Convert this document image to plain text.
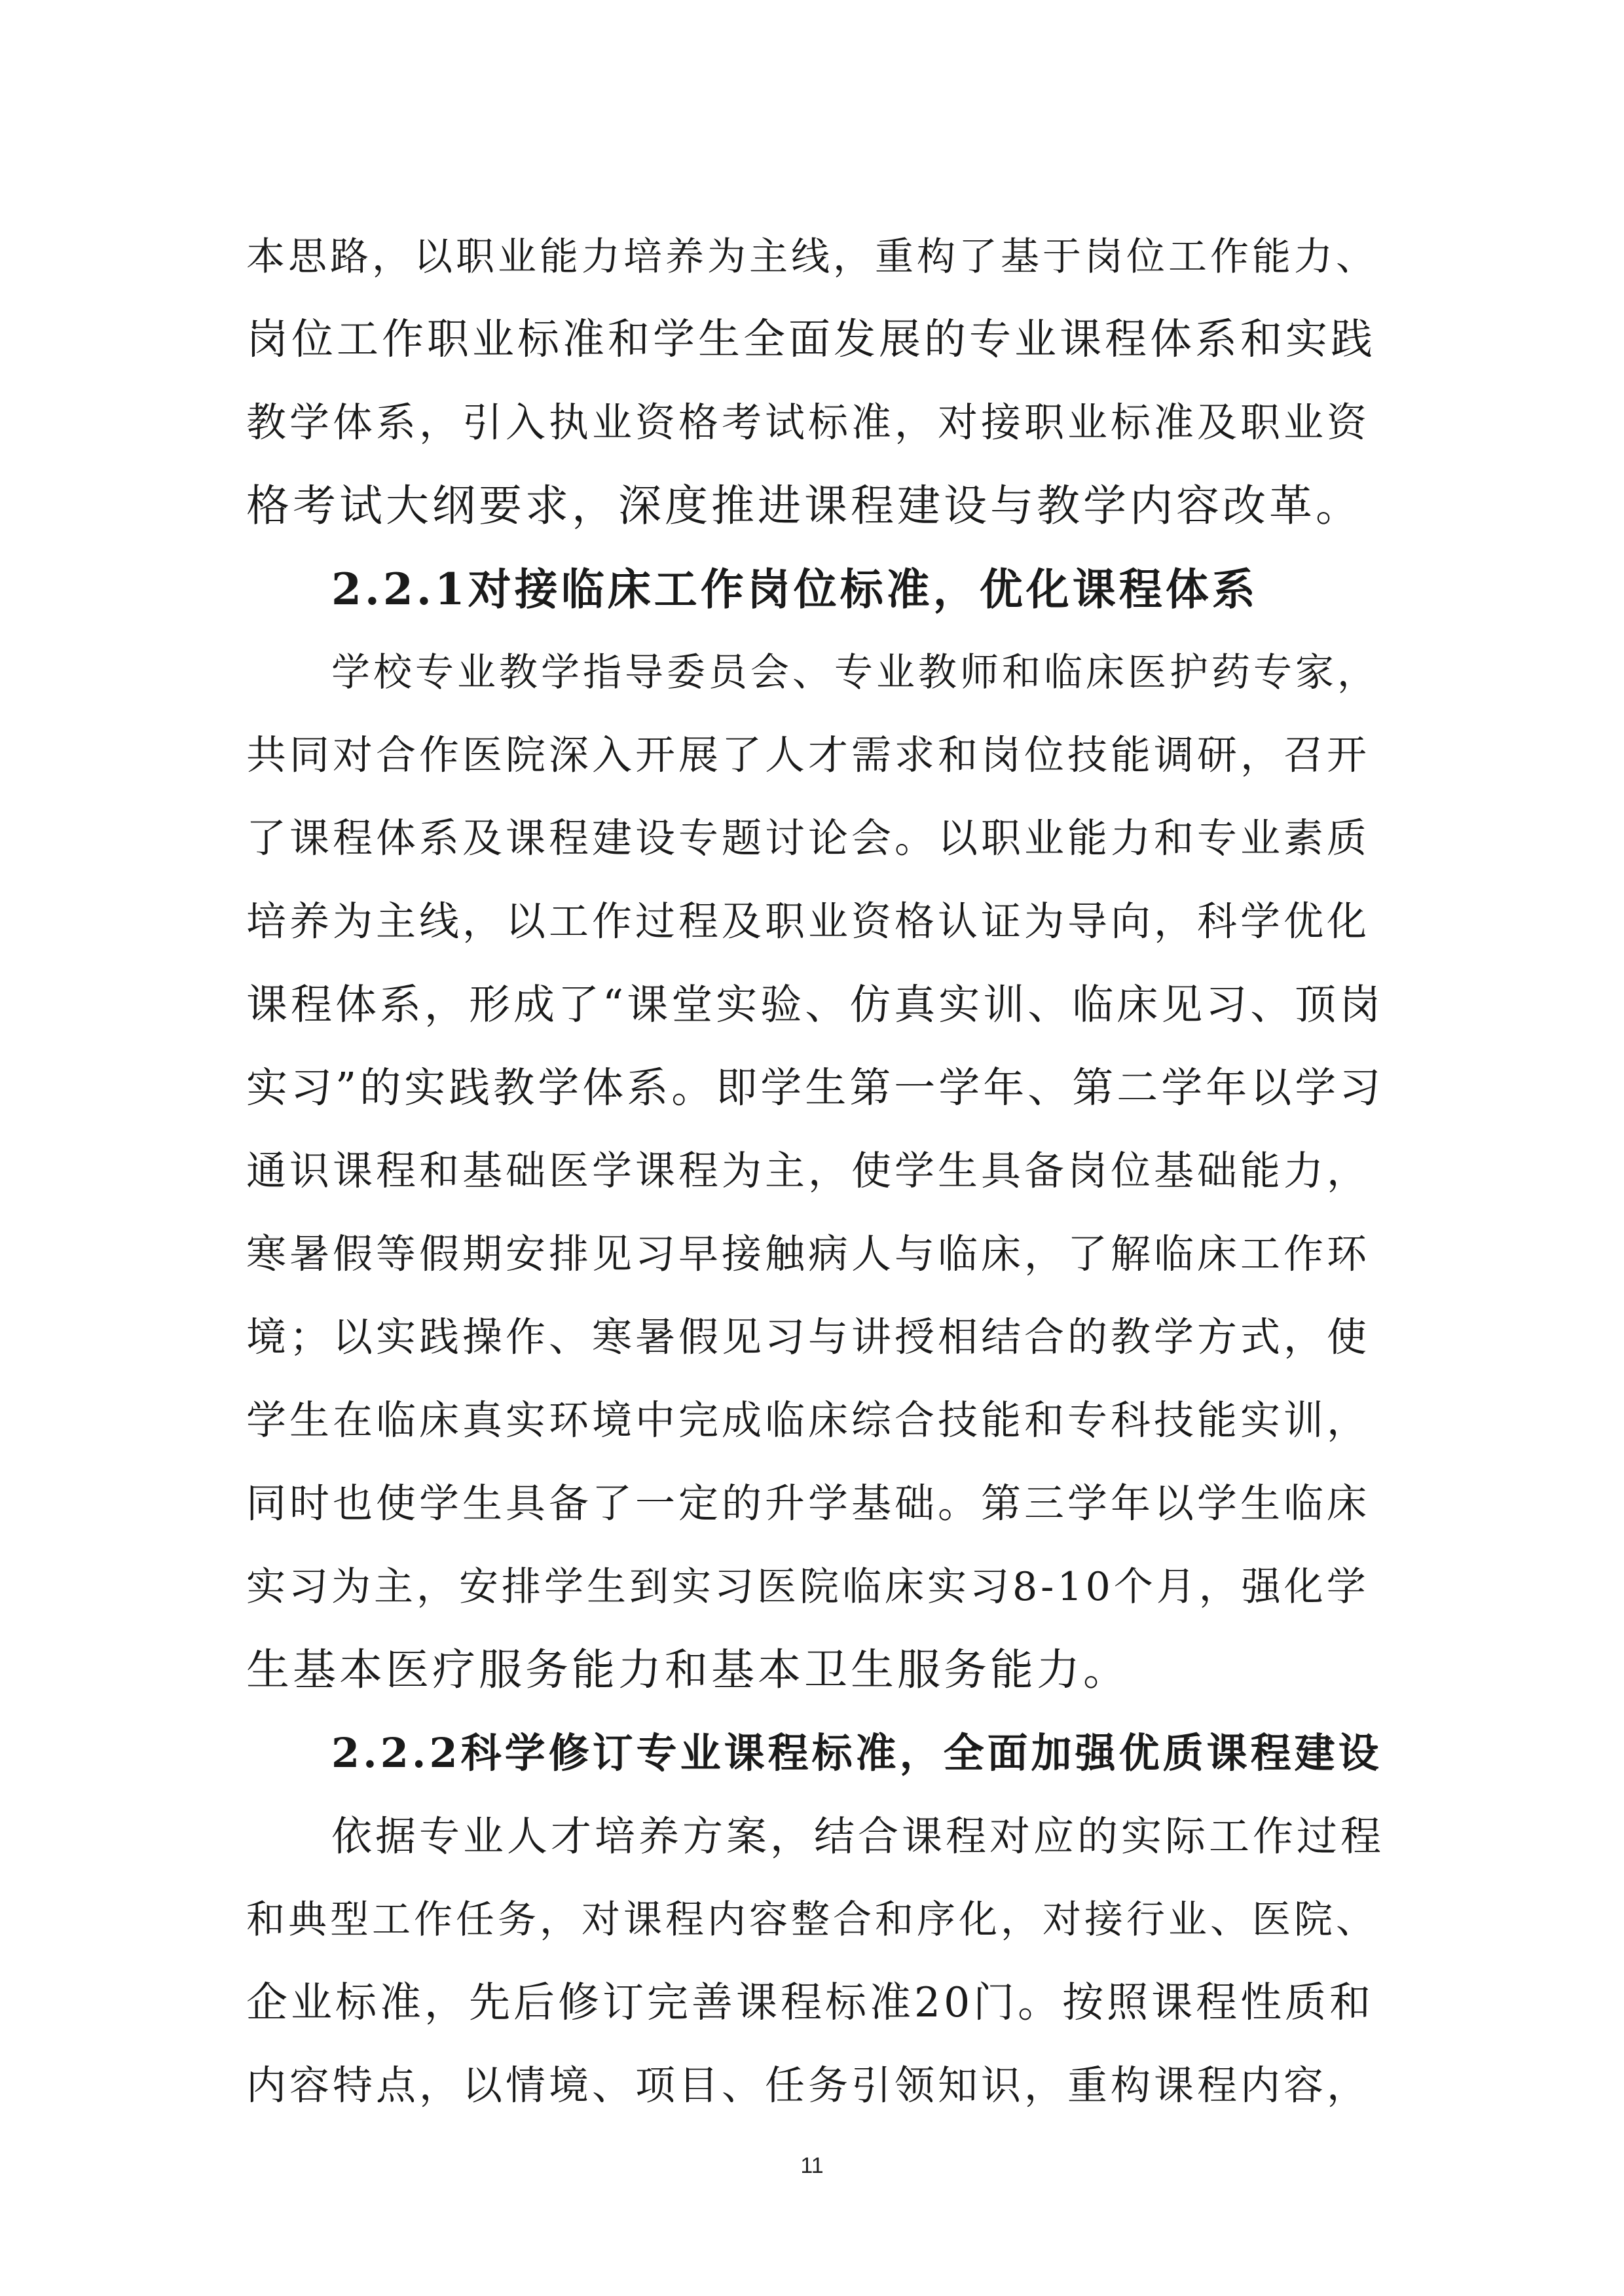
本思路，以职业能力培养为主线，重构了基于岗位工作能力、
岗位工作职业标准和学生全面发展的专业课程体系和实践
教学体系，引入执业资格考试标准，对接职业标准及职业资
格考试大纲要求，深度推进课程建设与教学内容改革。
2.2.1对接临床工作岗位标准，优化课程体系
学校专业教学指导委员会、专业教师和临床医护药专家，
共同对合作医院深入开展了人才需求和岗位技能调研，召开
了课程体系及课程建设专题讨论会。以职业能力和专业素质
培养为主线，以工作过程及职业资格认证为导向，科学优化
课程体系，形成了“课堂实验、仿真实训、临床见习、顶岗
实习”的实践教学体系。即学生第一学年、第二学年以学习
通识课程和基础医学课程为主，使学生具备岗位基础能力，
寒暑假等假期安排见习早接触病人与临床，了解临床工作环
境；以实践操作、寒暑假见习与讲授相结合的教学方式，使
学生在临床真实环境中完成临床综合技能和专科技能实训，
同时也使学生具备了一定的升学基础。第三学年以学生临床
实习为主，安排学生到实习医院临床实习8-10个月，强化学
生基本医疗服务能力和基本卫生服务能力。
2.2.2科学修订专业课程标准，全面加强优质课程建设
依据专业人才培养方案，结合课程对应的实际工作过程
和典型工作任务，对课程内容整合和序化，对接行业、医院、
企业标准，先后修订完善课程标准20门。按照课程性质和
内容特点，以情境、项目、任务引领知识，重构课程内容，
11
